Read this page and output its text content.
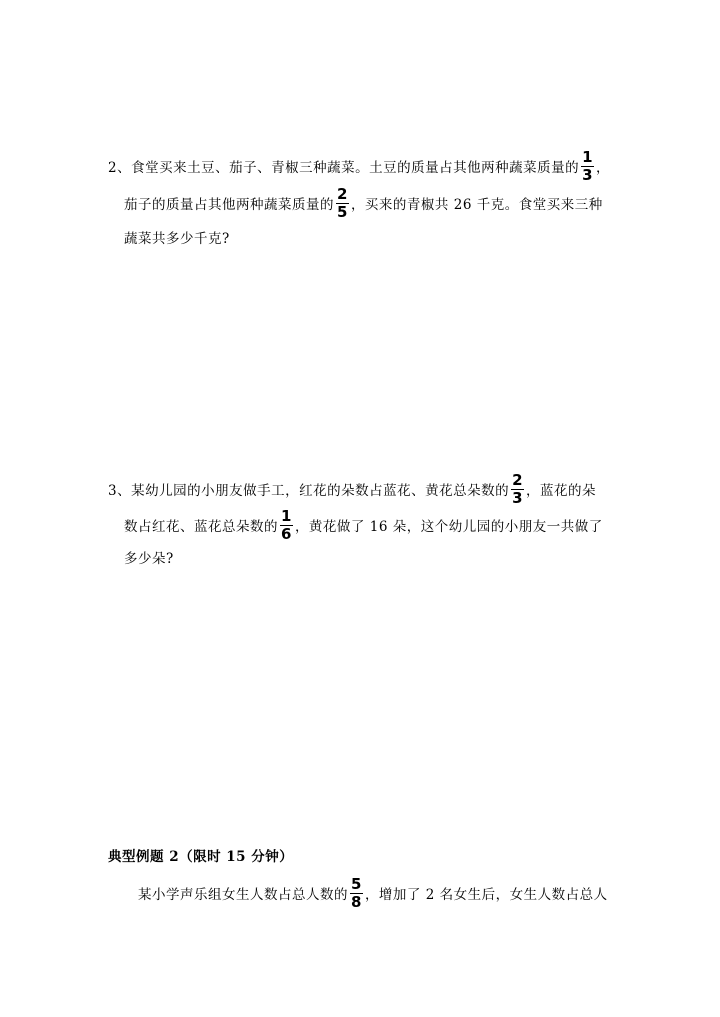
2、食堂买来土豆、茄子、青椒三种蔬菜。土豆的质量占其他两种蔬菜质量的 $\frac{1}{3}$ ，
茄子的质量占其他两种蔬菜质量的 $\frac{2}{5}$ ，买来的青椒共 26 千克。食堂买来三种
蔬菜共多少千克?
3、某幼儿园的小朋友做手工，红花的朵数占蓝花、黄花总朵数的 $\frac{2}{3}$ ，蓝花的朵
数占红花、蓝花总朵数的 $\frac{1}{6}$ ，黄花做了 16 朵，这个幼儿园的小朋友一共做了
多少朵?
典型例题 2（限时 15 分钟）
某小学声乐组女生人数占总人数的 $\frac{5}{8}$ ，增加了 2 名女生后，女生人数占总人
